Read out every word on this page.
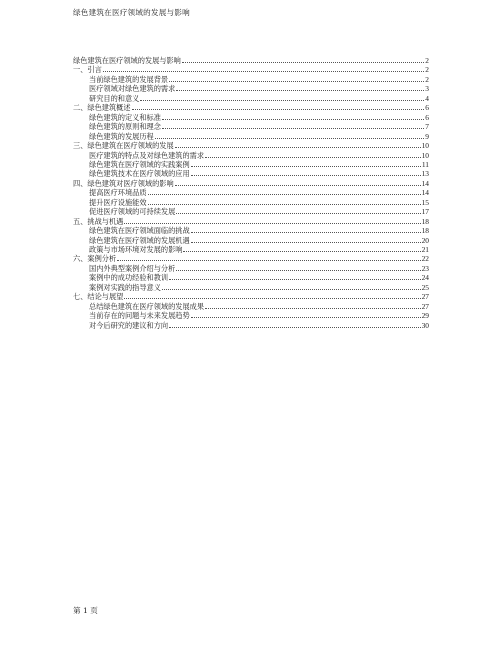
绿色建筑在医疗领域的发展与影响
绿色建筑在医疗领域的发展与影响	2
一、引言	2
当前绿色建筑的发展背景	2
医疗领域对绿色建筑的需求	3
研究目的和意义	4
二、绿色建筑概述	6
绿色建筑的定义和标准	6
绿色建筑的原则和理念	7
绿色建筑的发展历程	9
三、绿色建筑在医疗领域的发展	10
医疗建筑的特点及对绿色建筑的需求	10
绿色建筑在医疗领域的实践案例	11
绿色建筑技术在医疗领域的应用	13
四、绿色建筑对医疗领域的影响	14
提高医疗环境品质	14
提升医疗设施能效	15
促进医疗领域的可持续发展	17
五、挑战与机遇	18
绿色建筑在医疗领域面临的挑战	18
绿色建筑在医疗领域的发展机遇	20
政策与市场环境对发展的影响	21
六、案例分析	22
国内外典型案例介绍与分析	23
案例中的成功经验和教训	24
案例对实践的指导意义	25
七、结论与展望	27
总结绿色建筑在医疗领域的发展成果	27
当前存在的问题与未来发展趋势	29
对今后研究的建议和方向	30
第 1 页
